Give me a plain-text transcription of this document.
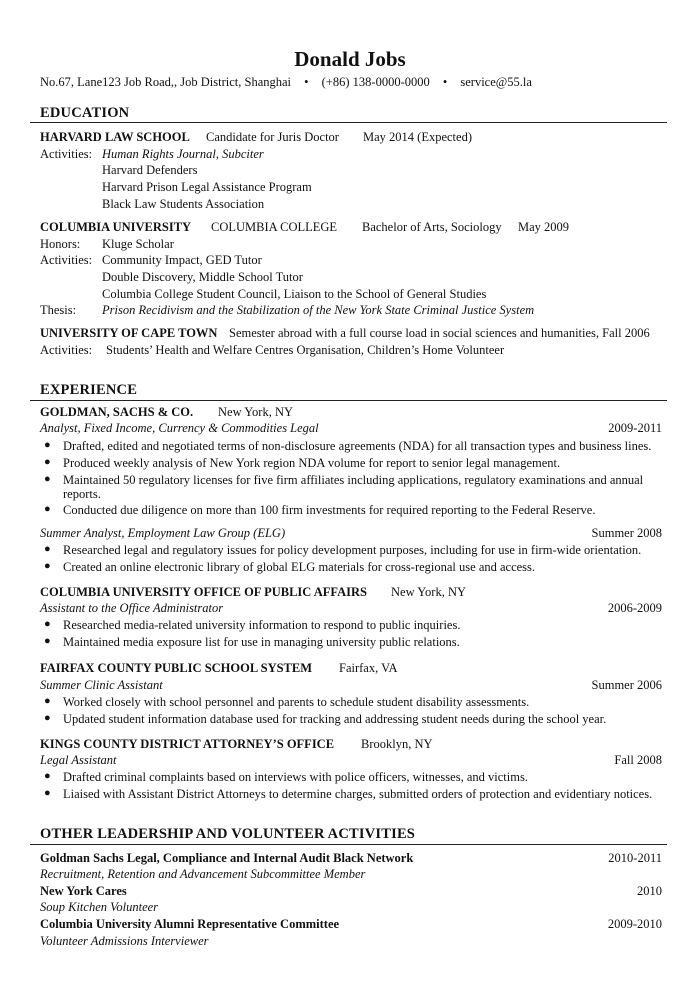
Donald Jobs
No.67, Lane123 Job Road,, Job District, Shanghai • (+86) 138-0000-0000 • service@55.la
EDUCATION
HARVARD LAW SCHOOL Candidate for Juris Doctor May 2014 (Expected)
Activities: Human Rights Journal, Subciter
Harvard Defenders
Harvard Prison Legal Assistance Program
Black Law Students Association
COLUMBIA UNIVERSITY COLUMBIA COLLEGE Bachelor of Arts, Sociology May 2009
Honors: Kluge Scholar
Activities: Community Impact, GED Tutor
Double Discovery, Middle School Tutor
Columbia College Student Council, Liaison to the School of General Studies
Thesis: Prison Recidivism and the Stabilization of the New York State Criminal Justice System
UNIVERSITY OF CAPE TOWN Semester abroad with a full course load in social sciences and humanities, Fall 2006
Activities: Students’ Health and Welfare Centres Organisation, Children’s Home Volunteer
EXPERIENCE
GOLDMAN, SACHS & CO. New York, NY
Analyst, Fixed Income, Currency & Commodities Legal	2009-2011
● Drafted, edited and negotiated terms of non-disclosure agreements (NDA) for all transaction types and business lines.
● Produced weekly analysis of New York region NDA volume for report to senior legal management.
● Maintained 50 regulatory licenses for five firm affiliates including applications, regulatory examinations and annual
reports.
● Conducted due diligence on more than 100 firm investments for required reporting to the Federal Reserve.
Summer Analyst, Employment Law Group (ELG)	Summer 2008
● Researched legal and regulatory issues for policy development purposes, including for use in firm-wide orientation.
● Created an online electronic library of global ELG materials for cross-regional use and access.
COLUMBIA UNIVERSITY OFFICE OF PUBLIC AFFAIRS New York, NY
Assistant to the Office Administrator	2006-2009
● Researched media-related university information to respond to public inquiries.
● Maintained media exposure list for use in managing university public relations.
FAIRFAX COUNTY PUBLIC SCHOOL SYSTEM Fairfax, VA
Summer Clinic Assistant	Summer 2006
● Worked closely with school personnel and parents to schedule student disability assessments.
● Updated student information database used for tracking and addressing student needs during the school year.
KINGS COUNTY DISTRICT ATTORNEY’S OFFICE Brooklyn, NY
Legal Assistant	Fall 2008
● Drafted criminal complaints based on interviews with police officers, witnesses, and victims.
● Liaised with Assistant District Attorneys to determine charges, submitted orders of protection and evidentiary notices.
OTHER LEADERSHIP AND VOLUNTEER ACTIVITIES
Goldman Sachs Legal, Compliance and Internal Audit Black Network	2010-2011
Recruitment, Retention and Advancement Subcommittee Member
New York Cares	2010
Soup Kitchen Volunteer
Columbia University Alumni Representative Committee	2009-2010
Volunteer Admissions Interviewer
